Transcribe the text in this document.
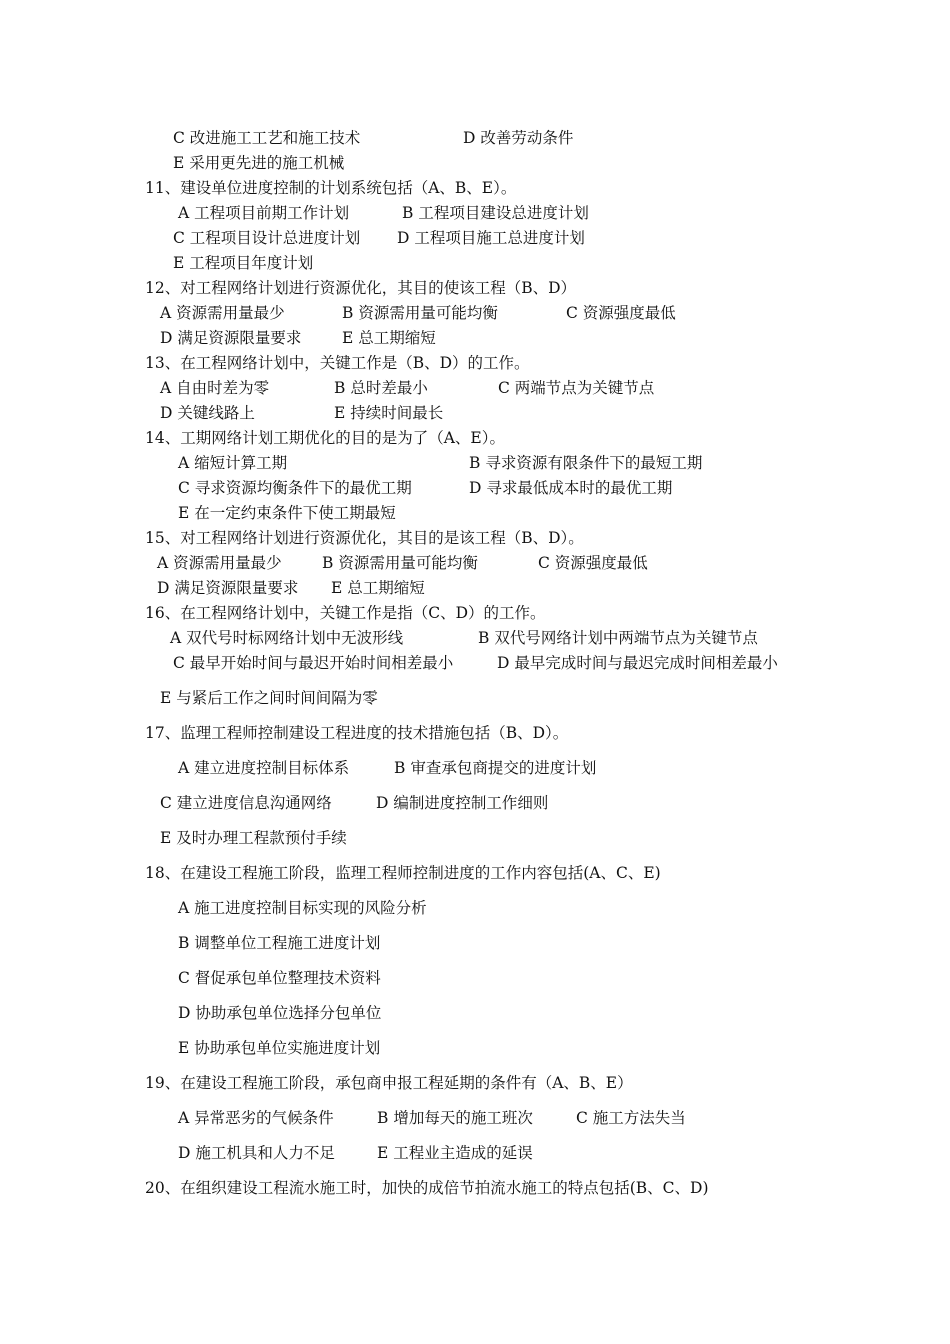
C 改进施工工艺和施工技术	D 改善劳动条件
E 采用更先进的施工机械
11、建设单位进度控制的计划系统包括（A、B、E）。
A 工程项目前期工作计划	B 工程项目建设总进度计划
C 工程项目设计总进度计划 D 工程项目施工总进度计划
E 工程项目年度计划
12、对工程网络计划进行资源优化，其目的使该工程（B、D）
A 资源需用量最少	B 资源需用量可能均衡	C 资源强度最低
D 满足资源限量要求	E 总工期缩短
13、在工程网络计划中，关键工作是（B、D）的工作。
A 自由时差为零	B 总时差最小	C 两端节点为关键节点
D 关键线路上	E 持续时间最长
14、工期网络计划工期优化的目的是为了（A、E）。
A 缩短计算工期	B 寻求资源有限条件下的最短工期
C 寻求资源均衡条件下的最优工期	D 寻求最低成本时的最优工期
E 在一定约束条件下使工期最短
15、对工程网络计划进行资源优化，其目的是该工程（B、D）。
A 资源需用量最少	B 资源需用量可能均衡	C 资源强度最低
D 满足资源限量要求 E 总工期缩短
16、在工程网络计划中，关键工作是指（C、D）的工作。
A 双代号时标网络计划中无波形线	B 双代号网络计划中两端节点为关键节点
C 最早开始时间与最迟开始时间相差最小	D 最早完成时间与最迟完成时间相差最小
E 与紧后工作之间时间间隔为零
17、监理工程师控制建设工程进度的技术措施包括（B、D）。
A 建立进度控制目标体系	B 审查承包商提交的进度计划
C 建立进度信息沟通网络	D 编制进度控制工作细则
E 及时办理工程款预付手续
18、在建设工程施工阶段，监理工程师控制进度的工作内容包括(A、C、E)
A 施工进度控制目标实现的风险分析
B 调整单位工程施工进度计划
C 督促承包单位整理技术资料
D 协助承包单位选择分包单位
E 协助承包单位实施进度计划
19、在建设工程施工阶段，承包商申报工程延期的条件有（A、B、E）
A 异常恶劣的气候条件	B 增加每天的施工班次	C 施工方法失当
D 施工机具和人力不足	E 工程业主造成的延误
20、在组织建设工程流水施工时，加快的成倍节拍流水施工的特点包括(B、C、D)
